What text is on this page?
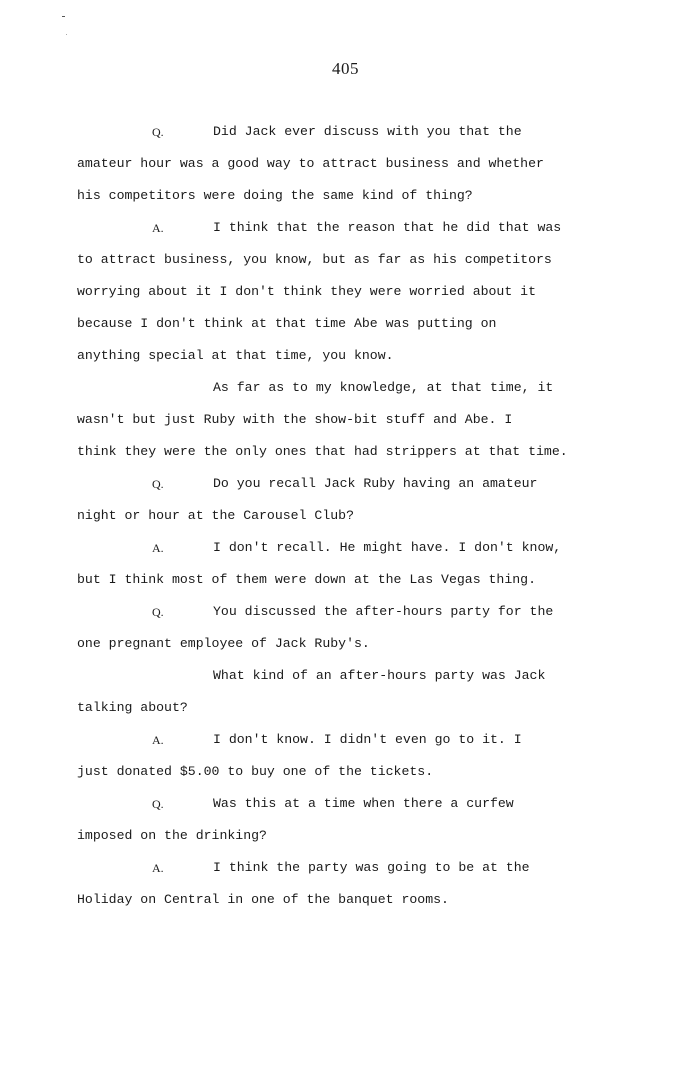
405
Q.	Did Jack ever discuss with you that the
amateur hour was a good way to attract business and whether
his competitors were doing the same kind of thing?
A.	I think that the reason that he did that was
to attract business, you know, but as far as his competitors
worrying about it I don't think they were worried about it
because I don't think at that time Abe was putting on
anything special at that time, you know.
As far as to my knowledge, at that time, it
wasn't but just Ruby with the show-bit stuff and Abe. I
think they were the only ones that had strippers at that time.
Q.	Do you recall Jack Ruby having an amateur
night or hour at the Carousel Club?
A.	I don't recall. He might have. I don't know,
but I think most of them were down at the Las Vegas thing.
Q.	You discussed the after-hours party for the
one pregnant employee of Jack Ruby's.
What kind of an after-hours party was Jack
talking about?
A.	I don't know. I didn't even go to it. I
just donated $5.00 to buy one of the tickets.
Q.	Was this at a time when there a curfew
imposed on the drinking?
A.	I think the party was going to be at the
Holiday on Central in one of the banquet rooms.
